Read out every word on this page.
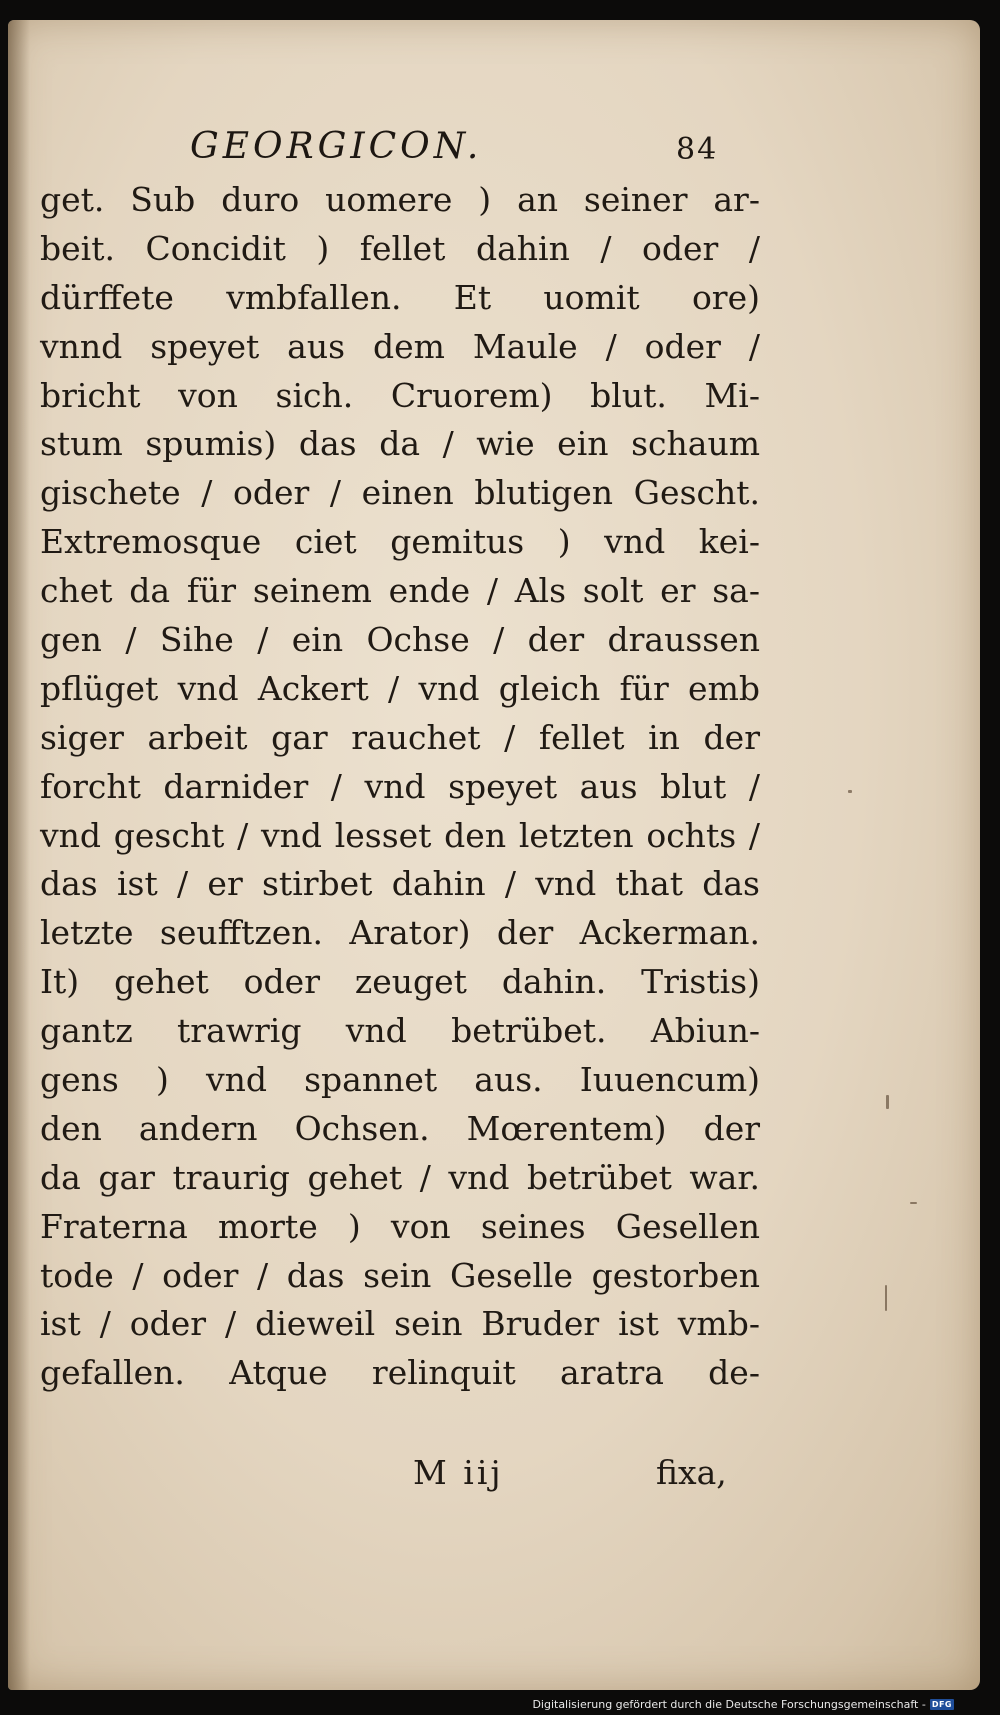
GEORGICON.	84
get. Sub duro uomere ) an seiner ar-
beit. Concidit ) fellet dahin / oder /
dürffete vmbfallen. Et uomit ore)
vnnd speyet aus dem Maule / oder /
bricht von sich. Cruorem) blut. Mi-
stum spumis) das da / wie ein schaum
gischete / oder / einen blutigen Gescht.
Extremosque ciet gemitus ) vnd kei-
chet da für seinem ende / Als solt er sa-
gen / Sihe / ein Ochse / der draussen
pflüget vnd Ackert / vnd gleich für emb
siger arbeit gar rauchet / fellet in der
forcht darnider / vnd speyet aus blut /
vnd gescht / vnd lesset den letzten ochts /
das ist / er stirbet dahin / vnd that das
letzte seufftzen. Arator) der Ackerman.
It) gehet oder zeuget dahin. Tristis)
gantz trawrig vnd betrübet. Abiun-
gens ) vnd spannet aus. Iuuencum)
den andern Ochsen. Mœrentem) der
da gar traurig gehet / vnd betrübet war.
Fraterna morte ) von seines Gesellen
tode / oder / das sein Geselle gestorben
ist / oder / dieweil sein Bruder ist vmb-
gefallen. Atque relinquit aratra de-
M iij	fixa,
Digitalisierung gefördert durch die Deutsche Forschungsgemeinschaft - DFG
